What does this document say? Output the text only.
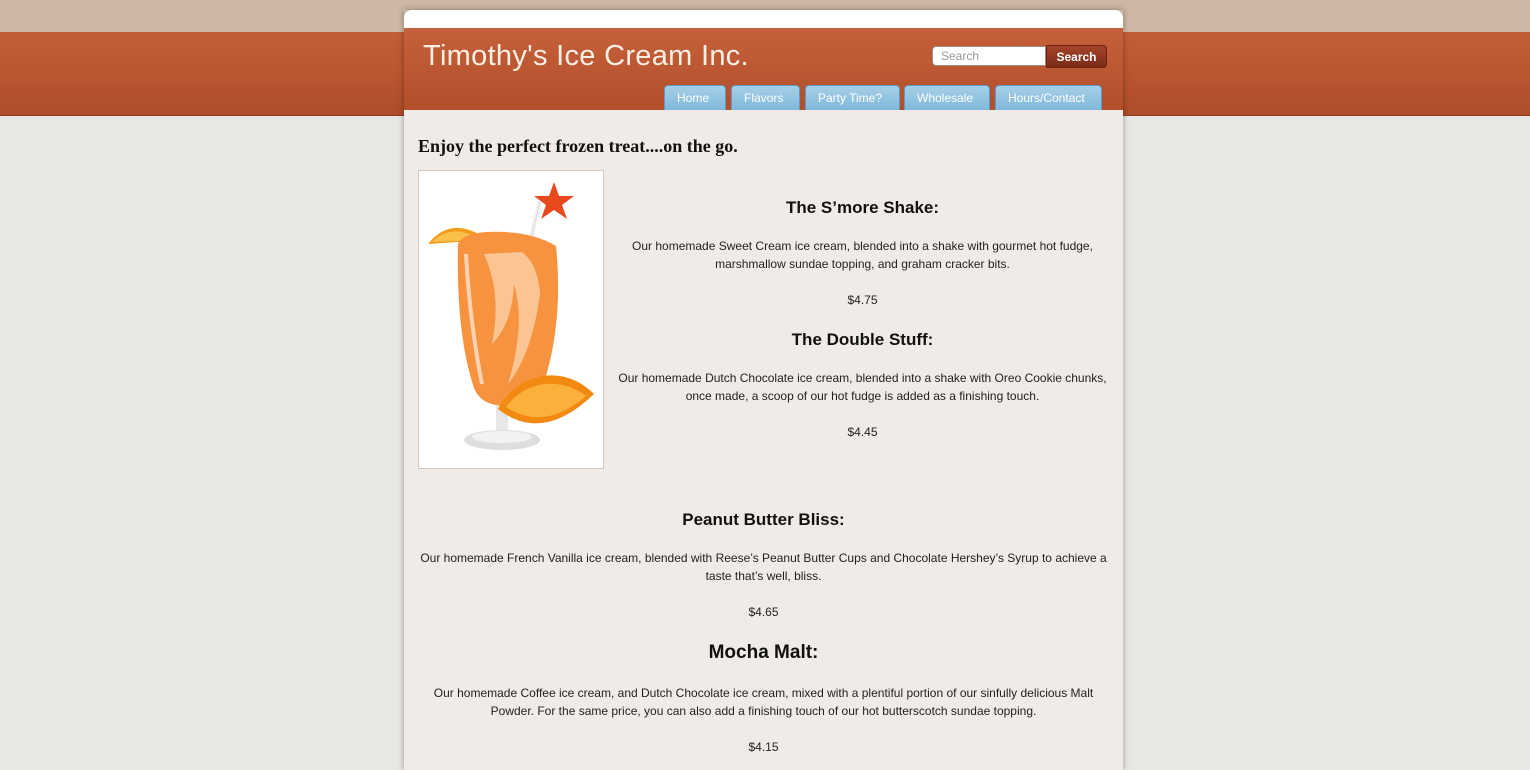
Timothy's Ice Cream Inc.
Search	Search
Home	Flavors	Party Time?	Wholesale	Hours/Contact
Enjoy the perfect frozen treat....on the go.
The S’more Shake:
Our homemade Sweet Cream ice cream, blended into a shake with gourmet hot fudge, marshmallow sundae topping, and graham cracker bits.
$4.75
The Double Stuff:
Our homemade Dutch Chocolate ice cream, blended into a shake with Oreo Cookie chunks, once made, a scoop of our hot fudge is added as a finishing touch.
$4.45
Peanut Butter Bliss:
Our homemade French Vanilla ice cream, blended with Reese’s Peanut Butter Cups and Chocolate Hershey’s Syrup to achieve a taste that’s well, bliss.
$4.65
Mocha Malt:
Our homemade Coffee ice cream, and Dutch Chocolate ice cream, mixed with a plentiful portion of our sinfully delicious Malt Powder. For the same price, you can also add a finishing touch of our hot butterscotch sundae topping.
$4.15
